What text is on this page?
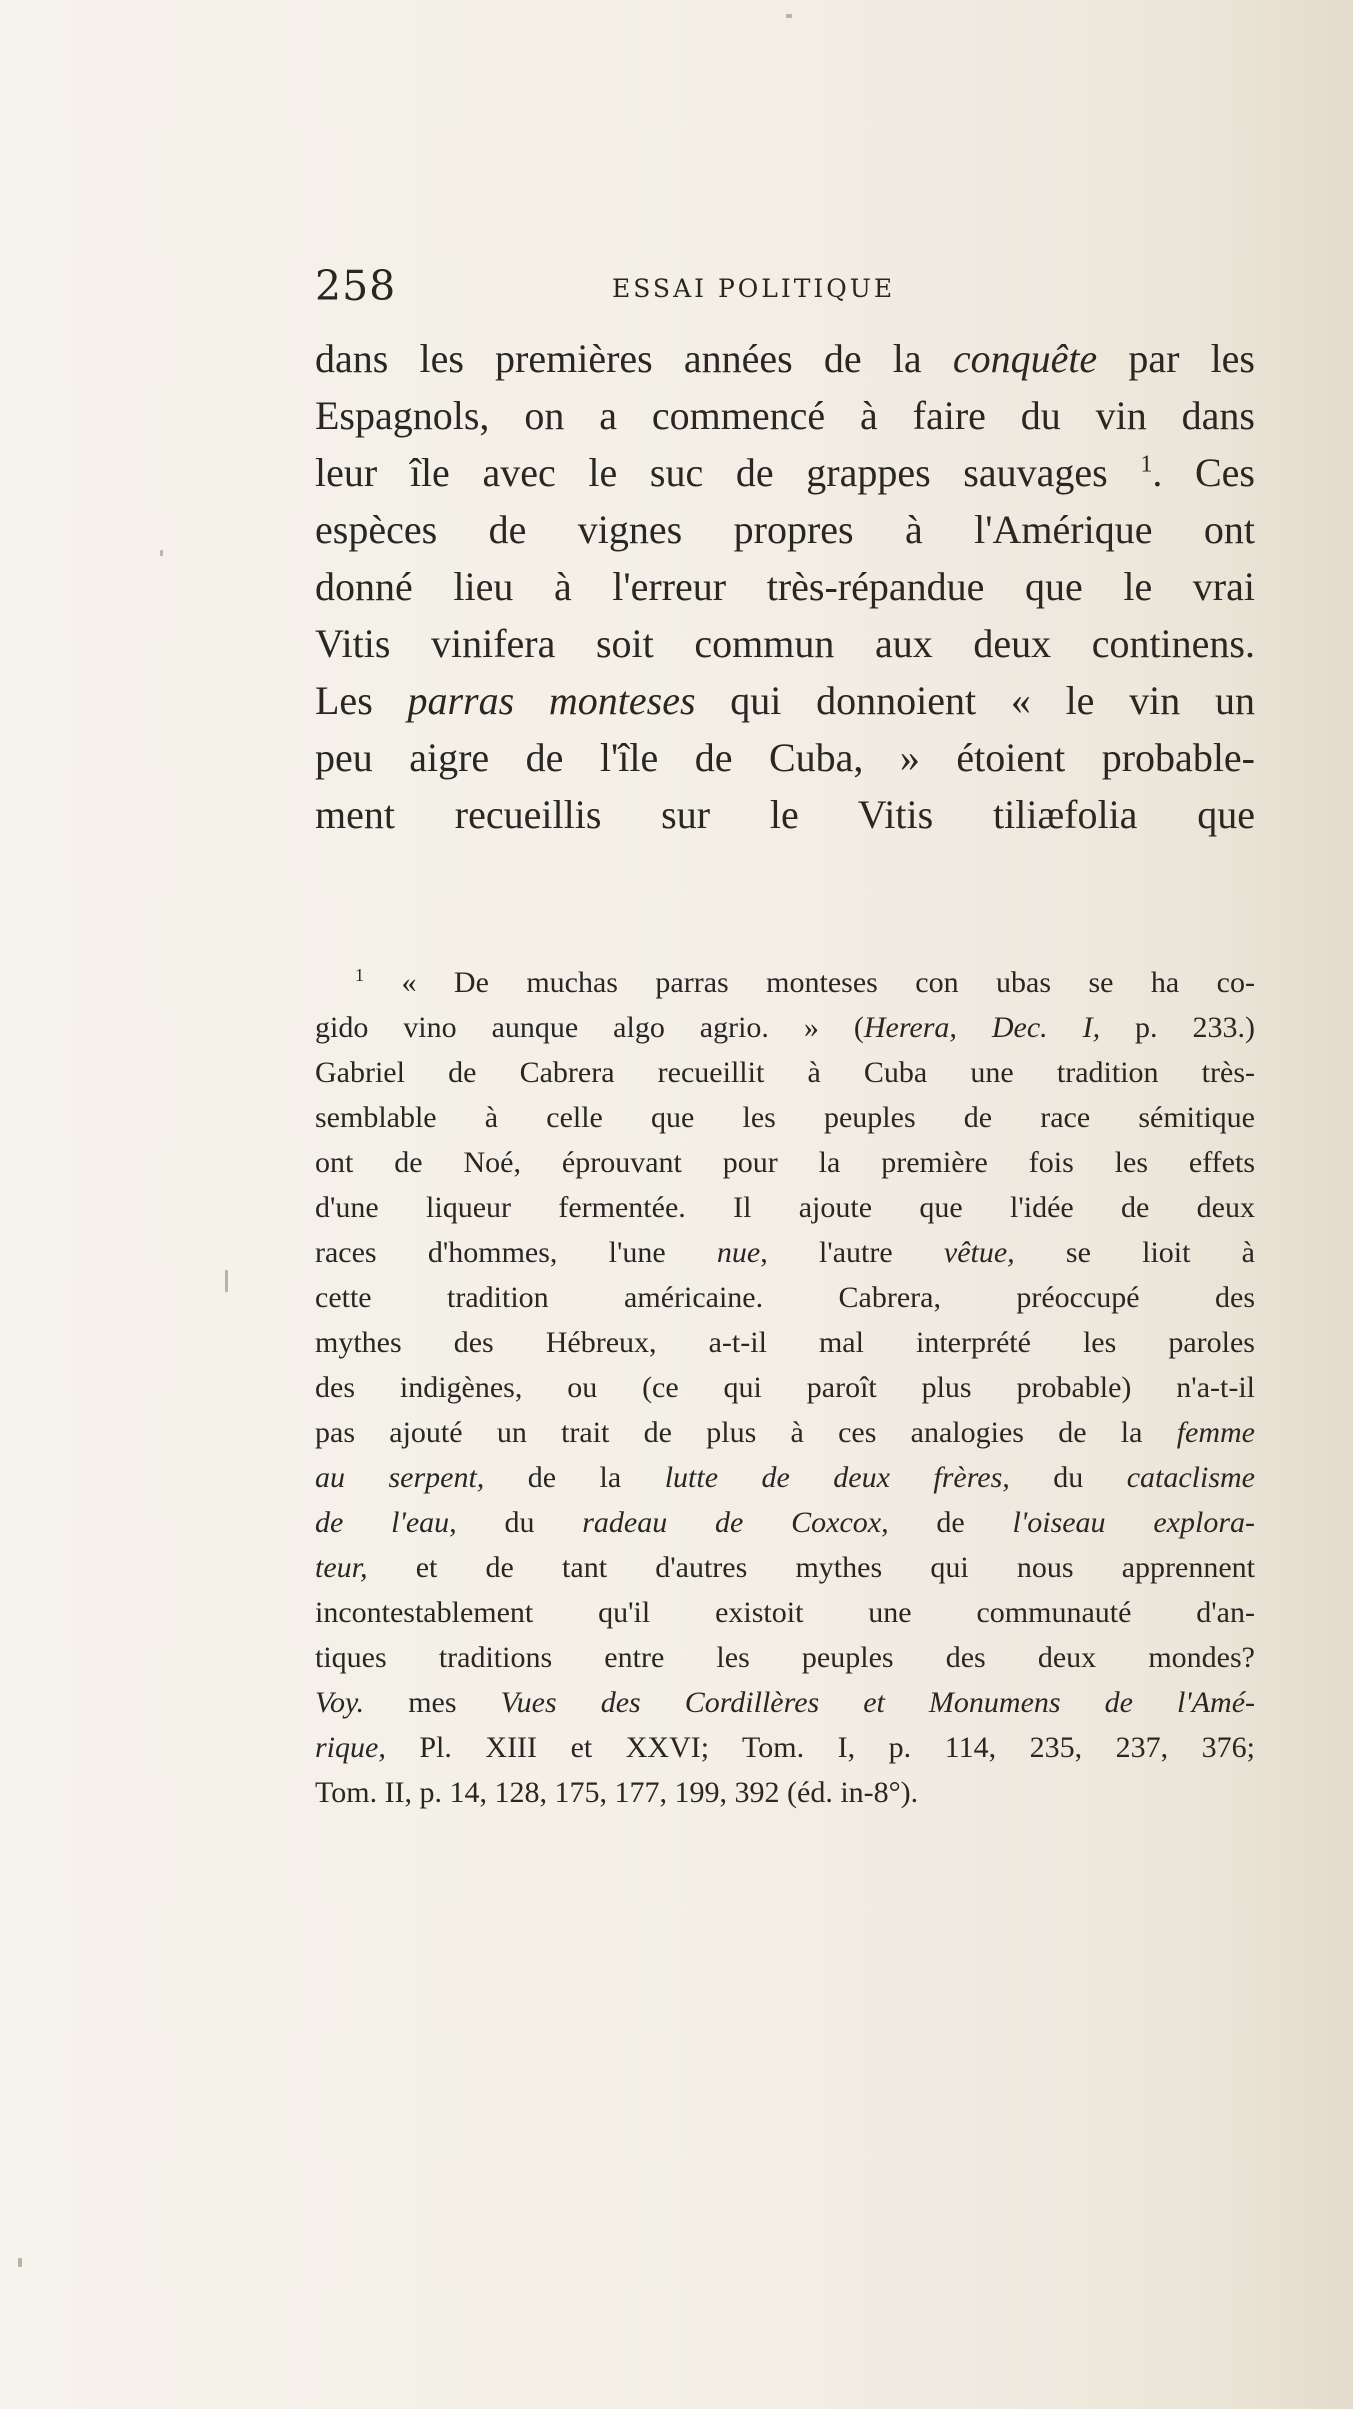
258	ESSAI POLITIQUE
dans les premières années de la conquête par les
Espagnols, on a commencé à faire du vin dans
leur île avec le suc de grappes sauvages $^1$. Ces
espèces de vignes propres à l'Amérique ont
donné lieu à l'erreur très-répandue que le vrai
Vitis vinifera soit commun aux deux continens.
Les parras monteses qui donnoient « le vin un
peu aigre de l'île de Cuba, » étoient probable-
ment recueillis sur le Vitis tiliæfolia que
$^1$ « De muchas parras monteses con ubas se ha co-
gido vino aunque algo agrio. » (Herera, Dec. I, p. 233.)
Gabriel de Cabrera recueillit à Cuba une tradition très-
semblable à celle que les peuples de race sémitique
ont de Noé, éprouvant pour la première fois les effets
d'une liqueur fermentée. Il ajoute que l'idée de deux
races d'hommes, l'une nue, l'autre vêtue, se lioit à
cette tradition américaine. Cabrera, préoccupé des
mythes des Hébreux, a-t-il mal interprété les paroles
des indigènes, ou (ce qui paroît plus probable) n'a-t-il
pas ajouté un trait de plus à ces analogies de la femme
au serpent, de la lutte de deux frères, du cataclisme
de l'eau, du radeau de Coxcox, de l'oiseau explora-
teur, et de tant d'autres mythes qui nous apprennent
incontestablement qu'il existoit une communauté d'an-
tiques traditions entre les peuples des deux mondes?
Voy. mes Vues des Cordillères et Monumens de l'Amé-
rique, Pl. XIII et XXVI; Tom. I, p. 114, 235, 237, 376;
Tom. II, p. 14, 128, 175, 177, 199, 392 (éd. in-8°).
